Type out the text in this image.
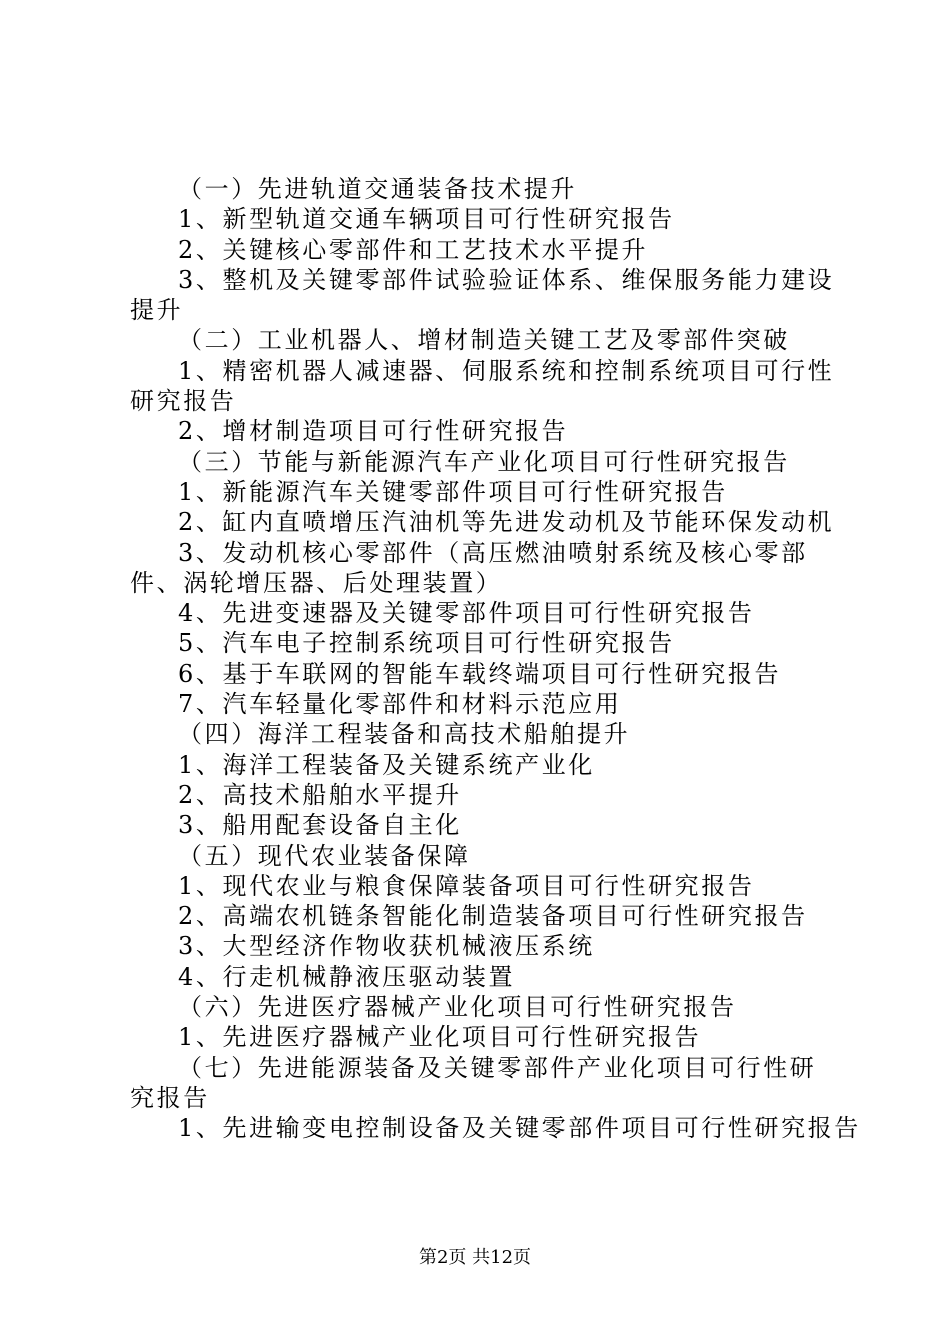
（一）先进轨道交通装备技术提升
1、新型轨道交通车辆项目可行性研究报告
2、关键核心零部件和工艺技术水平提升
3、整机及关键零部件试验验证体系、维保服务能力建设提升
（二）工业机器人、增材制造关键工艺及零部件突破
1、精密机器人减速器、伺服系统和控制系统项目可行性研究报告
2、增材制造项目可行性研究报告
（三）节能与新能源汽车产业化项目可行性研究报告
1、新能源汽车关键零部件项目可行性研究报告
2、缸内直喷增压汽油机等先进发动机及节能环保发动机
3、发动机核心零部件（高压燃油喷射系统及核心零部件、涡轮增压器、后处理装置）
4、先进变速器及关键零部件项目可行性研究报告
5、汽车电子控制系统项目可行性研究报告
6、基于车联网的智能车载终端项目可行性研究报告
7、汽车轻量化零部件和材料示范应用
（四）海洋工程装备和高技术船舶提升
1、海洋工程装备及关键系统产业化
2、高技术船舶水平提升
3、船用配套设备自主化
（五）现代农业装备保障
1、现代农业与粮食保障装备项目可行性研究报告
2、高端农机链条智能化制造装备项目可行性研究报告
3、大型经济作物收获机械液压系统
4、行走机械静液压驱动装置
（六）先进医疗器械产业化项目可行性研究报告
1、先进医疗器械产业化项目可行性研究报告
（七）先进能源装备及关键零部件产业化项目可行性研究报告
1、先进输变电控制设备及关键零部件项目可行性研究报告
第2页 共12页
